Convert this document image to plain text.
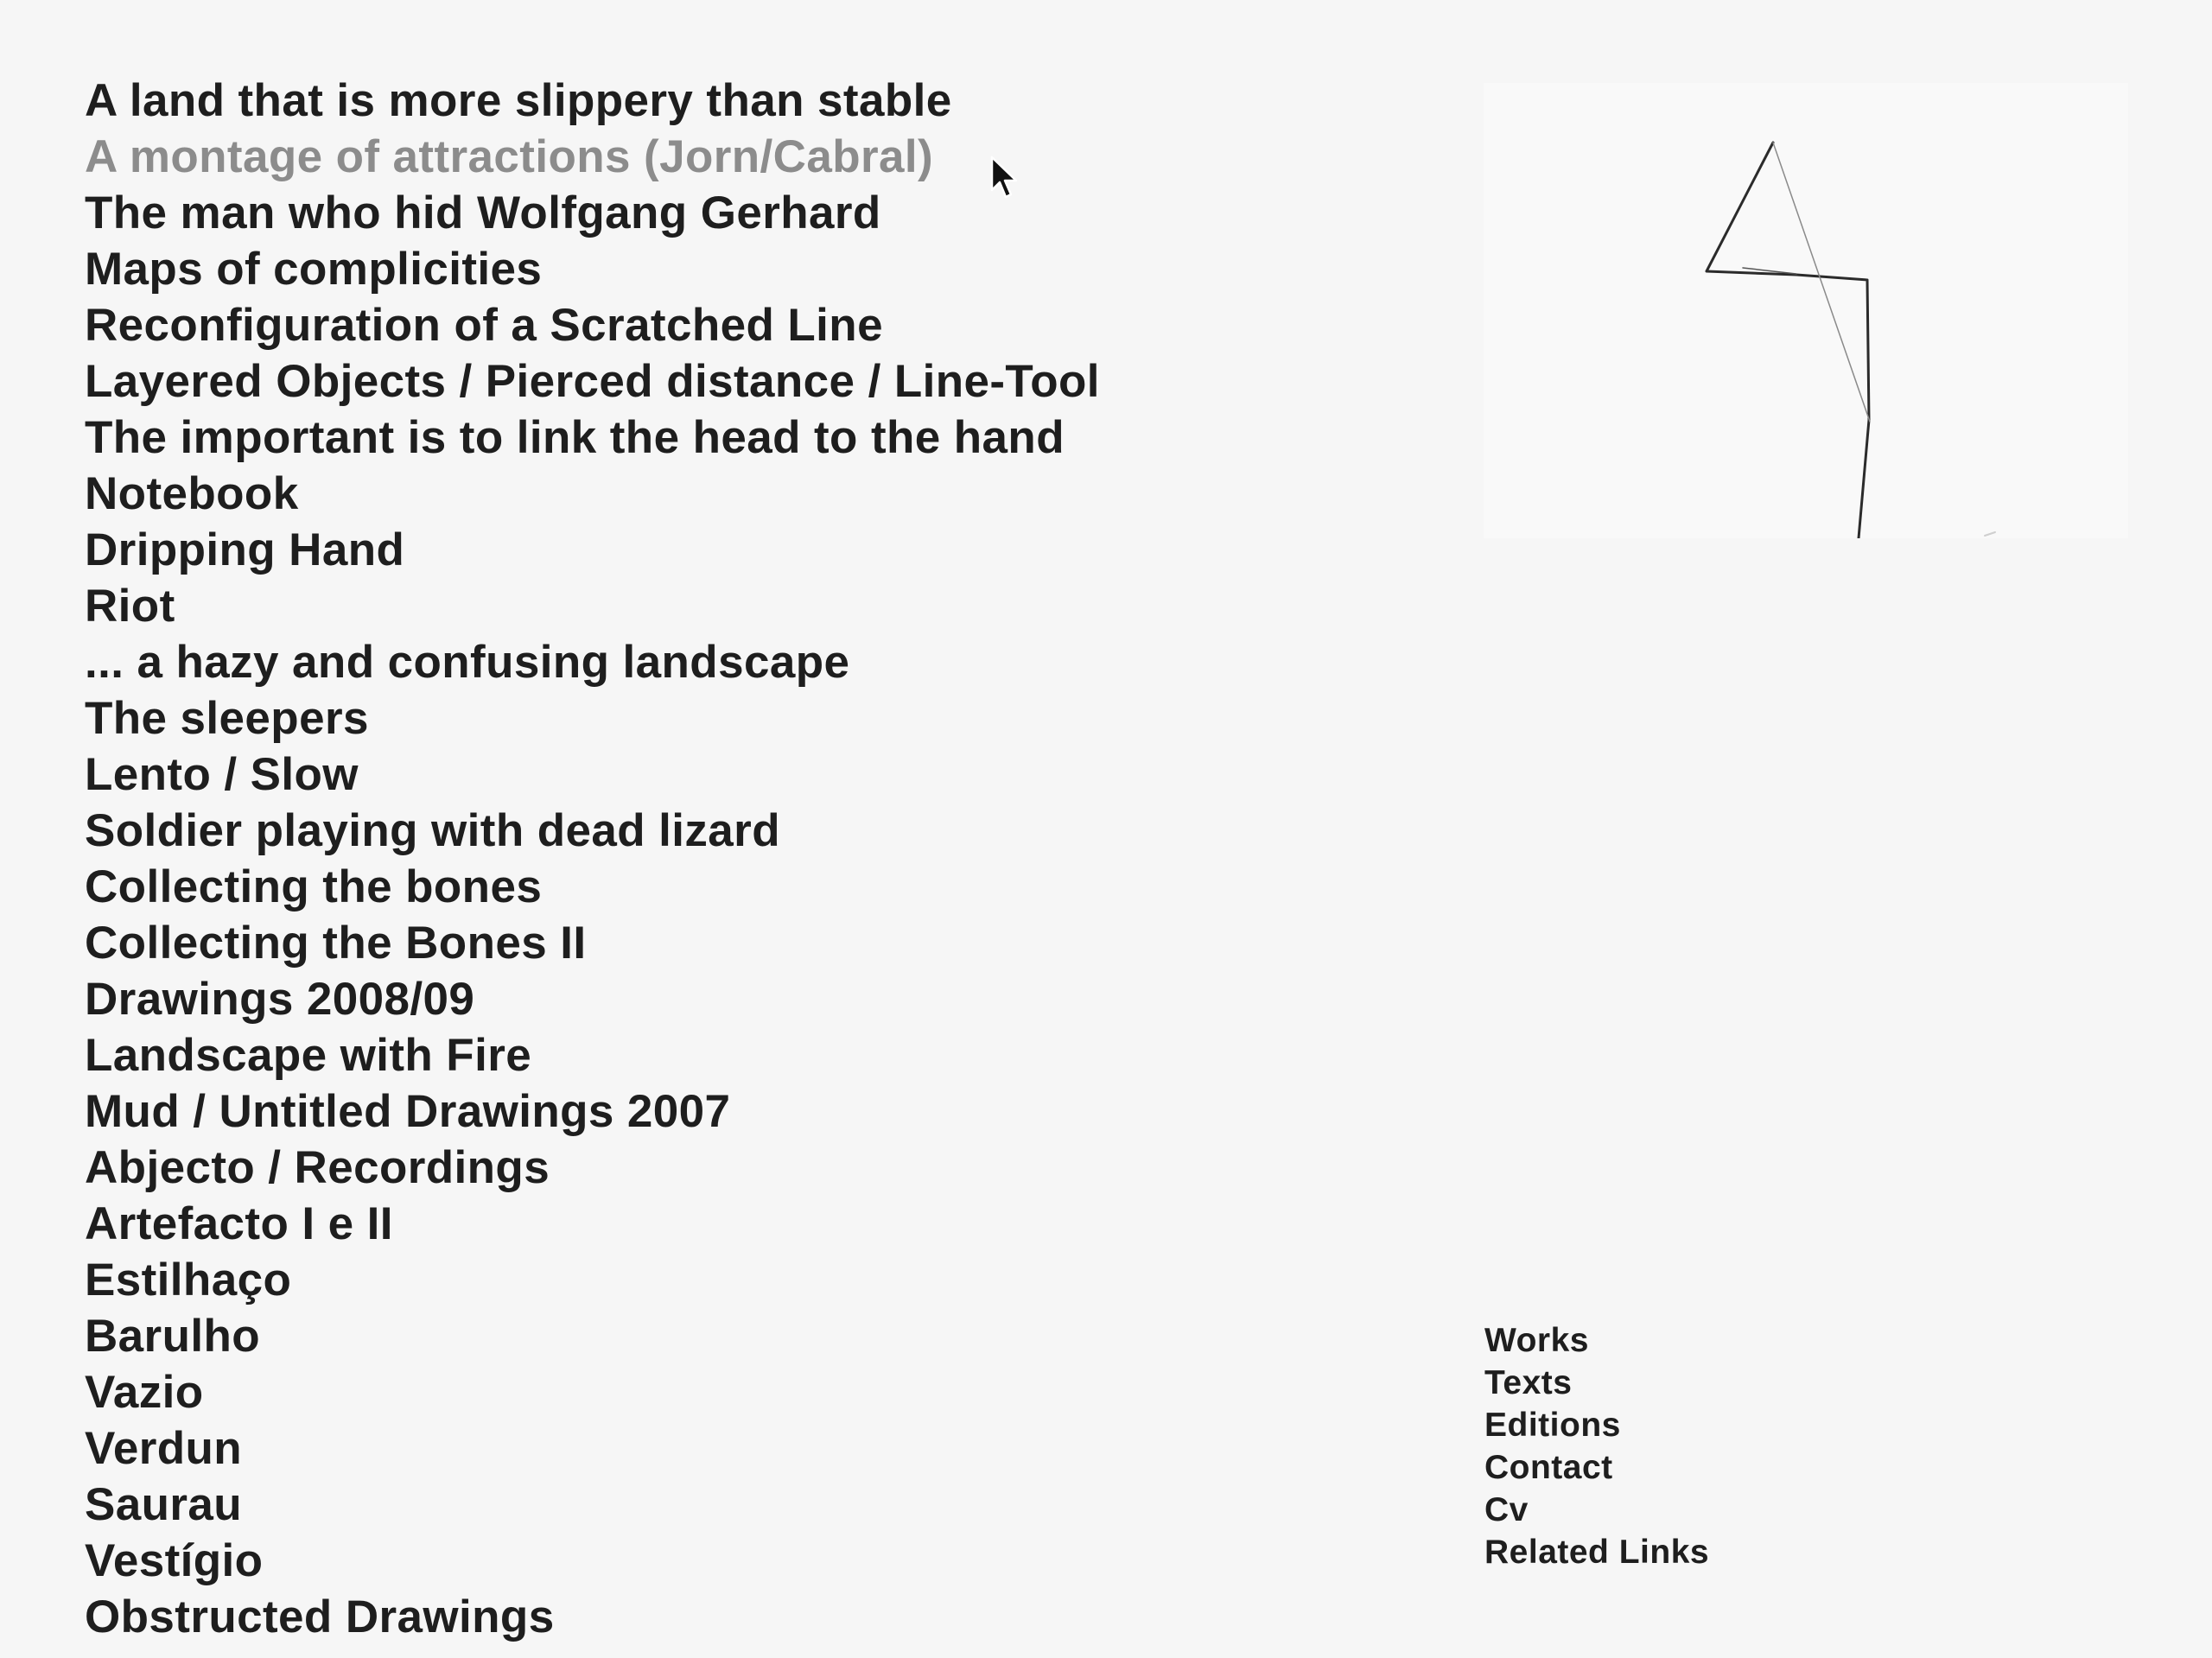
A land that is more slippery than stable
A montage of attractions (Jorn/Cabral)
The man who hid Wolfgang Gerhard
Maps of complicities
Reconfiguration of a Scratched Line
Layered Objects / Pierced distance / Line-Tool
The important is to link the head to the hand
Notebook
Dripping Hand
Riot
... a hazy and confusing landscape
The sleepers
Lento / Slow
Soldier playing with dead lizard
Collecting the bones
Collecting the Bones II
Drawings 2008/09
Landscape with Fire
Mud / Untitled Drawings 2007
Abjecto / Recordings
Artefacto I e II
Estilhaço
Barulho
Vazio
Verdun
Saurau
Vestígio
Obstructed Drawings
Works
Texts
Editions
Contact
Cv
Related Links
